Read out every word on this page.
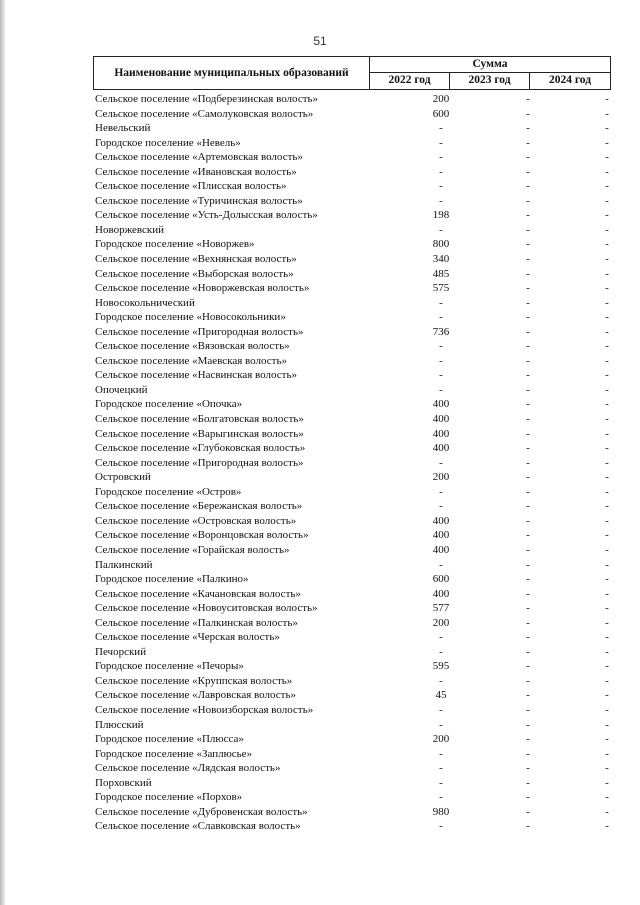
51
Наименование муниципальных образований
Сумма
2022 год	2023 год	2024 год
Сельское поселение «Подберезинская волость»	200	-	-
Сельское поселение «Самолуковская волость»	600	-	-
Невельский	-	-	-
Городское поселение «Невель»	-	-	-
Сельское поселение «Артемовская волость»	-	-	-
Сельское поселение «Ивановская волость»	-	-	-
Сельское поселение «Плисская волость»	-	-	-
Сельское поселение «Туричинская волость»	-	-	-
Сельское поселение «Усть-Долысская волость»	198	-	-
Новоржевский	-	-	-
Городское поселение «Новоржев»	800	-	-
Сельское поселение «Вехнянская волость»	340	-	-
Сельское поселение «Выборская волость»	485	-	-
Сельское поселение «Новоржевская волость»	575	-	-
Новосокольнический	-	-	-
Городское поселение «Новосокольники»	-	-	-
Сельское поселение «Пригородная волость»	736	-	-
Сельское поселение «Вязовская волость»	-	-	-
Сельское поселение «Маевская волость»	-	-	-
Сельское поселение «Насвинская волость»	-	-	-
Опочецкий	-	-	-
Городское поселение «Опочка»	400	-	-
Сельское поселение «Болгатовская волость»	400	-	-
Сельское поселение «Варыгинская волость»	400	-	-
Сельское поселение «Глубоковская волость»	400	-	-
Сельское поселение «Пригородная волость»	-	-	-
Островский	200	-	-
Городское поселение «Остров»	-	-	-
Сельское поселение «Бережанская волость»	-	-	-
Сельское поселение «Островская волость»	400	-	-
Сельское поселение «Воронцовская волость»	400	-	-
Сельское поселение «Горайская волость»	400	-	-
Палкинский	-	-	-
Городское поселение «Палкино»	600	-	-
Сельское поселение «Качановская волость»	400	-	-
Сельское поселение «Новоуситовская волость»	577	-	-
Сельское поселение «Палкинская волость»	200	-	-
Сельское поселение «Черская волость»	-	-	-
Печорский	-	-	-
Городское поселение «Печоры»	595	-	-
Сельское поселение «Круппская волость»	-	-	-
Сельское поселение «Лавровская волость»	45	-	-
Сельское поселение «Новоизборская волость»	-	-	-
Плюсский	-	-	-
Городское поселение «Плюсса»	200	-	-
Городское поселение «Заплюсье»	-	-	-
Сельское поселение «Лядская волость»	-	-	-
Порховский	-	-	-
Городское поселение «Порхов»	-	-	-
Сельское поселение «Дубровенская волость»	980	-	-
Сельское поселение «Славковская волость»	-	-	-
